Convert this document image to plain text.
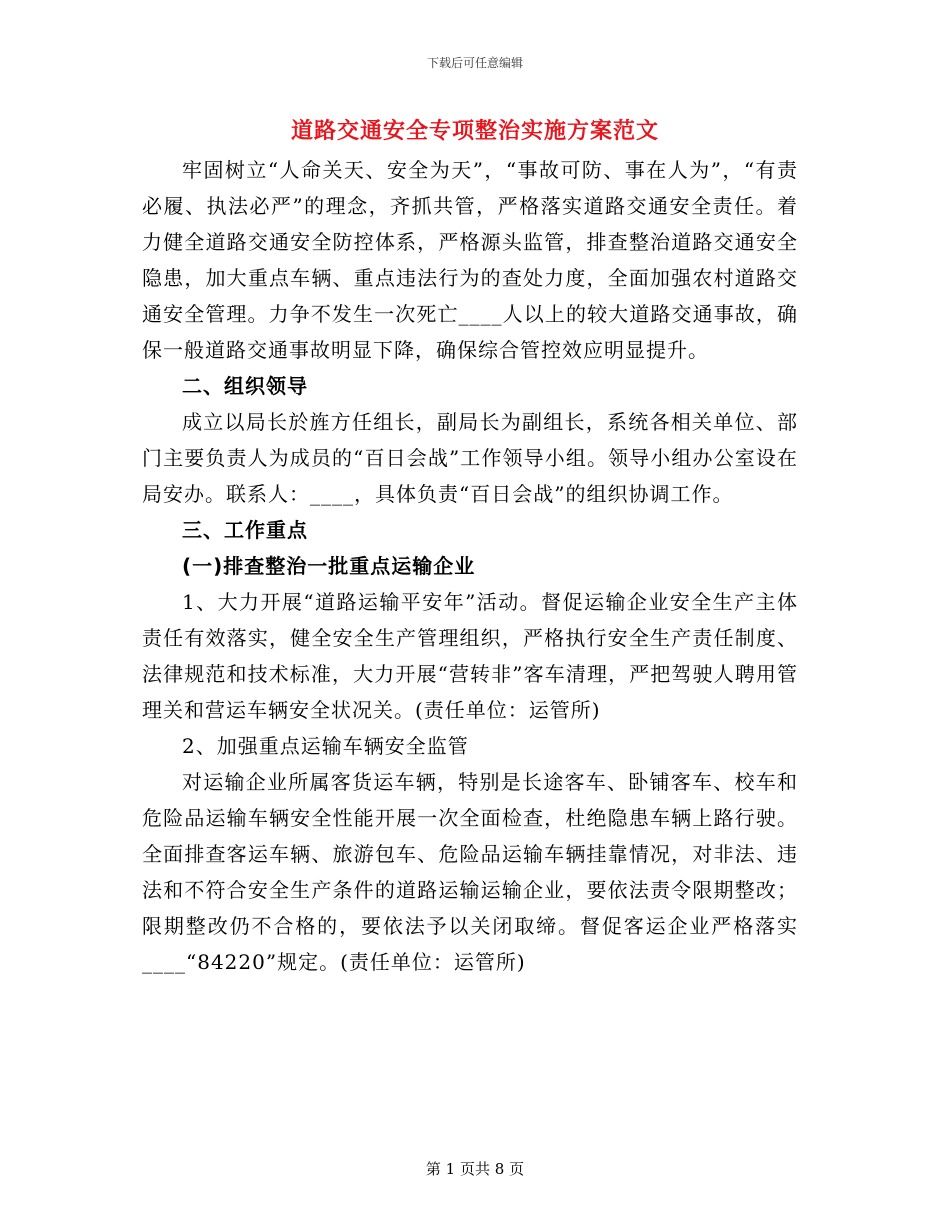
下载后可任意编辑
道路交通安全专项整治实施方案范文

牢固树立“人命关天、安全为天”，“事故可防、事在人为”，“有责必履、执法必严”的理念，齐抓共管，严格落实道路交通安全责任。着力健全道路交通安全防控体系，严格源头监管，排查整治道路交通安全隐患，加大重点车辆、重点违法行为的查处力度，全面加强农村道路交通安全管理。力争不发生一次死亡____人以上的较大道路交通事故，确保一般道路交通事故明显下降，确保综合管控效应明显提升。

二、组织领导

成立以局长於旌方任组长，副局长为副组长，系统各相关单位、部门主要负责人为成员的“百日会战”工作领导小组。领导小组办公室设在局安办。联系人：____，具体负责“百日会战”的组织协调工作。

三、工作重点

(一)排查整治一批重点运输企业

1、大力开展“道路运输平安年”活动。督促运输企业安全生产主体责任有效落实，健全安全生产管理组织，严格执行安全生产责任制度、法律规范和技术标准，大力开展“营转非”客车清理，严把驾驶人聘用管理关和营运车辆安全状况关。(责任单位：运管所)

2、加强重点运输车辆安全监管

对运输企业所属客货运车辆，特别是长途客车、卧铺客车、校车和危险品运输车辆安全性能开展一次全面检查，杜绝隐患车辆上路行驶。全面排查客运车辆、旅游包车、危险品运输车辆挂靠情况，对非法、违法和不符合安全生产条件的道路运输运输企业，要依法责令限期整改；限期整改仍不合格的，要依法予以关闭取缔。督促客运企业严格落实____“84220”规定。(责任单位：运管所)

第 1 页共 8 页
